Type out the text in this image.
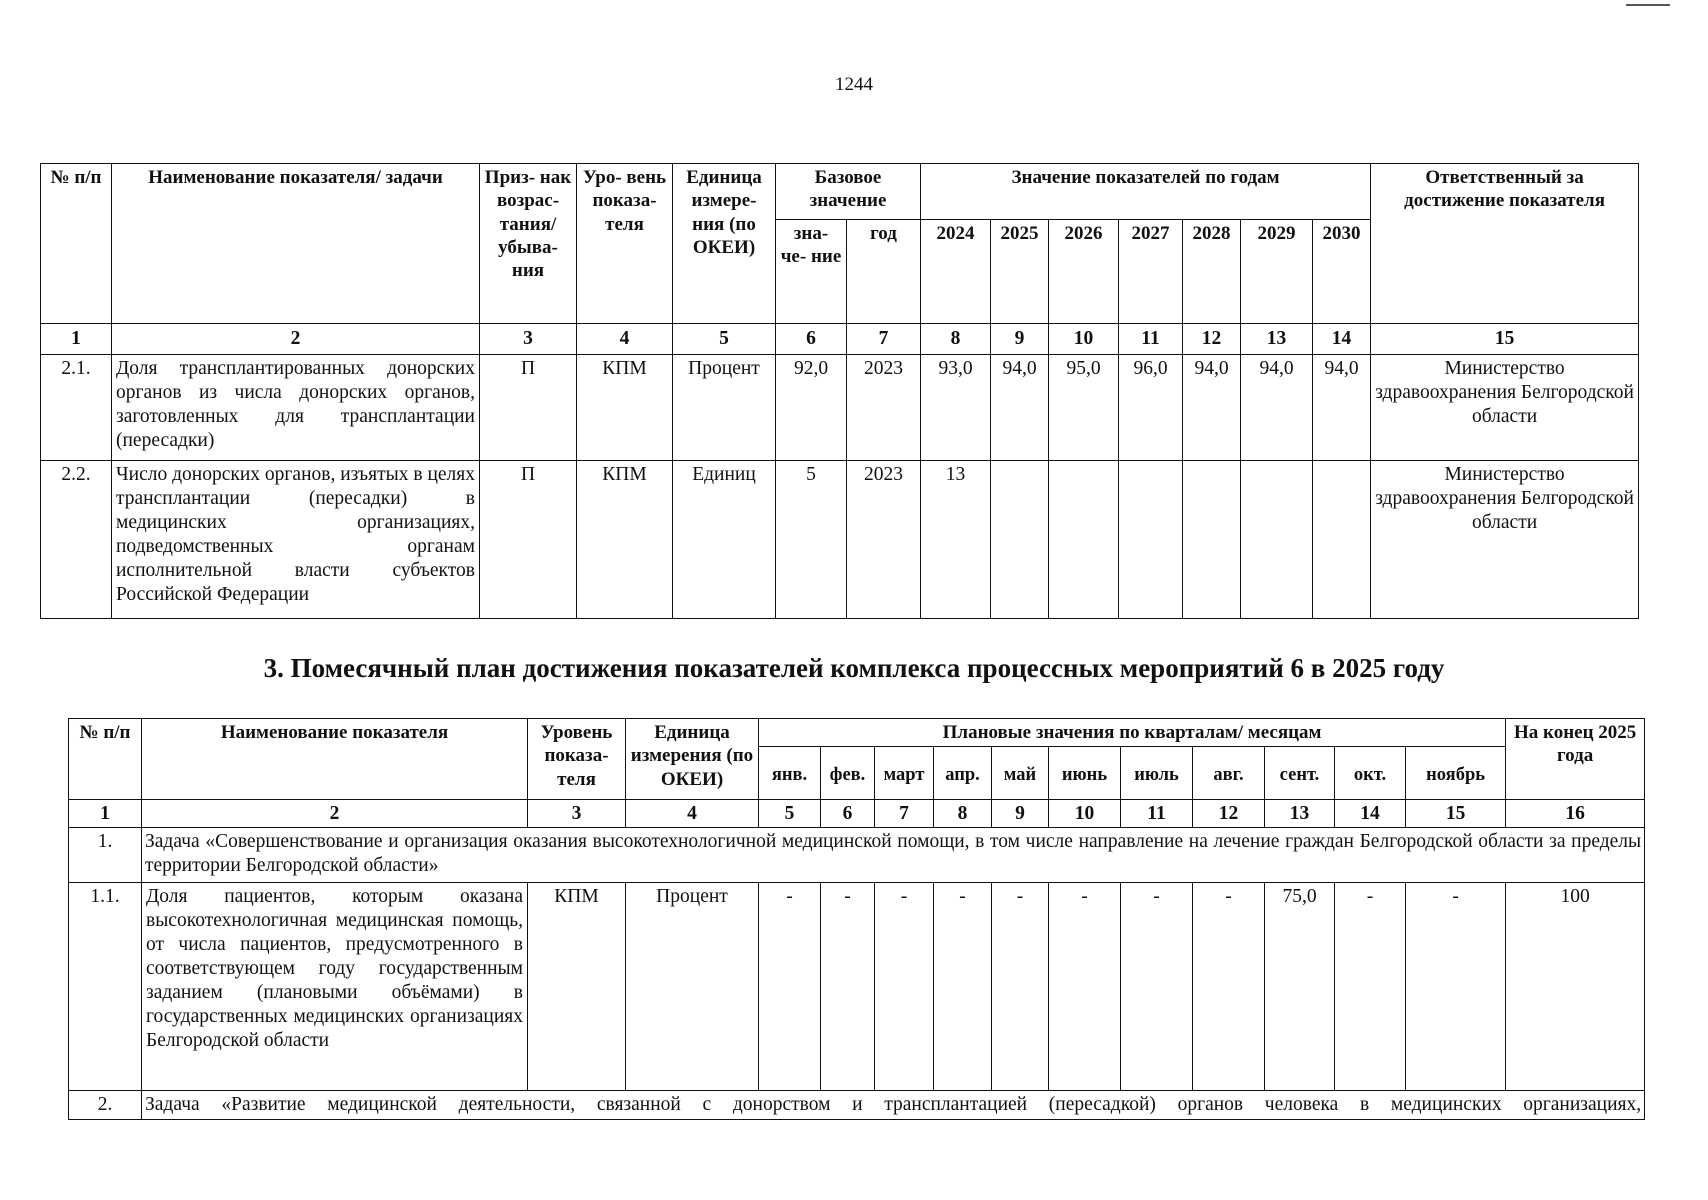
1244
№ п/п	Наименование показателя/ задачи	Приз- нак возрас- тания/ убыва- ния	Уро- вень показа- теля	Единица измере- ния (по ОКЕИ)	Базовое значение		Значение показателей по годам							Ответственный за достижение показателя
					зна- че- ние	год	2024	2025	2026	2027	2028	2029	2030	
1	2	3	4	5	6	7	8	9	10	11	12	13	14	15
2.1.	Доля трансплантированных донорских органов из числа донорских органов, заготовленных для трансплантации (пересадки)	П	КПМ	Процент	92,0	2023	93,0	94,0	95,0	96,0	94,0	94,0	94,0	Министерство здравоохранения Белгородской области
2.2.	Число донорских органов, изъятых в целях трансплантации (пересадки) в медицинских организациях, подведомственных органам исполнительной власти субъектов Российской Федерации	П	КПМ	Единиц	5	2023	13							Министерство здравоохранения Белгородской области
3. Помесячный план достижения показателей комплекса процессных мероприятий 6 в 2025 году
№ п/п	Наименование показателя	Уровень показа- теля	Единица измерения (по ОКЕИ)	Плановые значения по кварталам/ месяцам											На конец 2025 года
				янв.	фев.	март	апр.	май	июнь	июль	авг.	сент.	окт.	ноябрь	
1	2	3	4	5	6	7	8	9	10	11	12	13	14	15	16
1.	Задача «Совершенствование и организация оказания высокотехнологичной медицинской помощи, в том числе направление на лечение граждан Белгородской области за пределы территории Белгородской области»														
1.1.	Доля пациентов, которым оказана высокотехнологичная медицинская помощь, от числа пациентов, предусмотренного в соответствующем году государственным заданием (плановыми объёмами) в государственных медицинских организациях Белгородской области	КПМ	Процент	-	-	-	-	-	-	-	-	75,0	-	-	100
2.	Задача «Развитие медицинской деятельности, связанной с донорством и трансплантацией (пересадкой) органов человека в медицинских организациях,														
